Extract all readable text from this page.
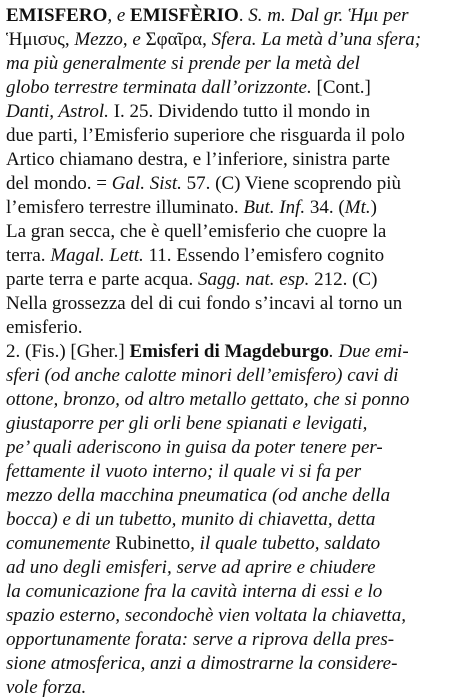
EMISFERO, e EMISFÈRIO. S. m. Dal gr. Ἡμι per
Ἡμισυς, Mezzo, e Σφαῖρα, Sfera. La metà d’una sfera;
ma più generalmente si prende per la metà del
globo terrestre terminata dall’orizzonte. [Cont.]
Danti, Astrol. I. 25. Dividendo tutto il mondo in
due parti, l’Emisferio superiore che risguarda il polo
Artico chiamano destra, e l’inferiore, sinistra parte
del mondo. = Gal. Sist. 57. (C) Viene scoprendo più
l’emisfero terrestre illuminato. But. Inf. 34. (Mt.)
La gran secca, che è quell’emisferio che cuopre la
terra. Magal. Lett. 11. Essendo l’emisfero cognito
parte terra e parte acqua. Sagg. nat. esp. 212. (C)
Nella grossezza del di cui fondo s’incavi al torno un
emisferio.
2. (Fis.) [Gher.] Emisferi di Magdeburgo. Due emi-
sferi (od anche calotte minori dell’emisfero) cavi di
ottone, bronzo, od altro metallo gettato, che si ponno
giustaporre per gli orli bene spianati e levigati,
pe’ quali aderiscono in guisa da poter tenere per-
fettamente il vuoto interno; il quale vi si fa per
mezzo della macchina pneumatica (od anche della
bocca) e di un tubetto, munito di chiavetta, detta
comunemente Rubinetto, il quale tubetto, saldato
ad uno degli emisferi, serve ad aprire e chiudere
la comunicazione fra la cavità interna di essi e lo
spazio esterno, secondochè vien voltata la chiavetta,
opportunamente forata: serve a riprova della pres-
sione atmosferica, anzi a dimostrarne la considere-
vole forza.
